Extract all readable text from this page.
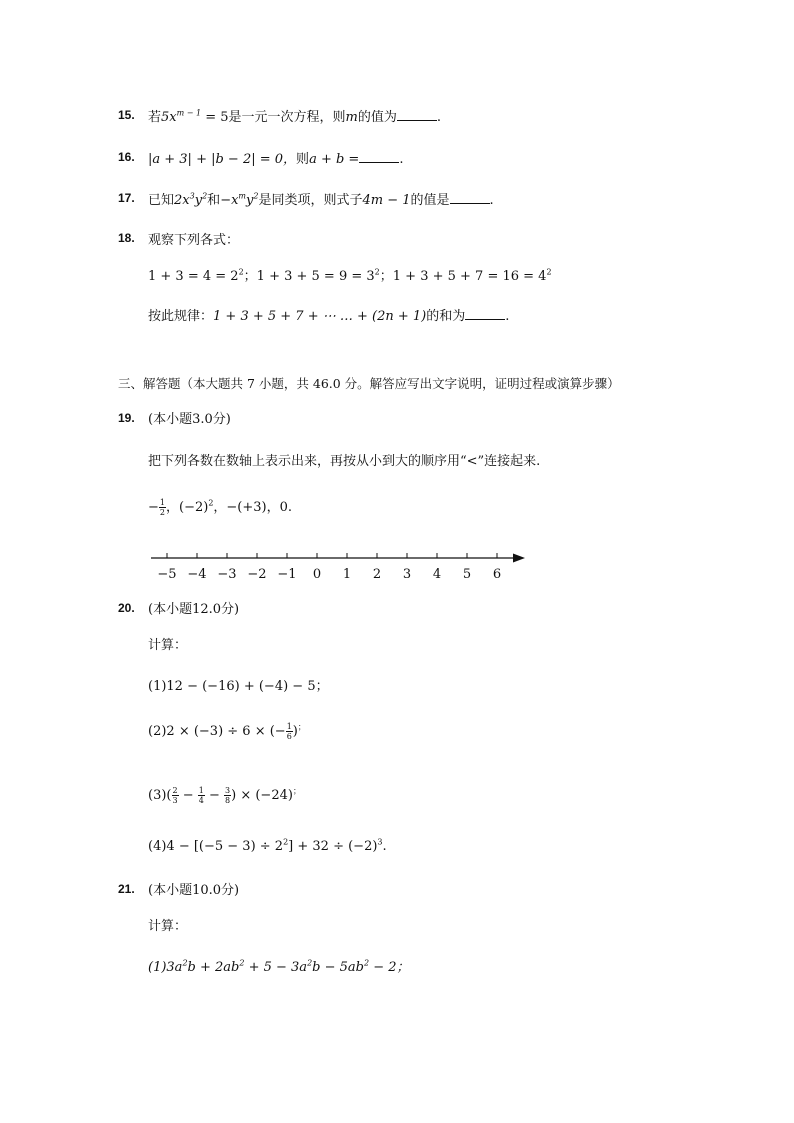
15. 若$5x^{m - 1} = 5$是一元一次方程，则m的值为	.
16. |a + 3| + |b − 2| = 0，则a + b =	.
17. 已知$2x^3y^2$和$-x^my^2$是同类项，则式子4m − 1的值是	.
18. 观察下列各式：
$1 + 3 = 4 = 2^2$；$1 + 3 + 5 = 9 = 3^2$；$1 + 3 + 5 + 7 = 16 = 4^2$
按此规律：1 + 3 + 5 + 7 + ⋯ … + (2n + 1)的和为	.
三、解答题（本大题共 7 小题，共 46.0 分。解答应写出文字说明，证明过程或演算步骤）
19. (本小题3.0分)
把下列各数在数轴上表示出来，再按从小到大的顺序用“<”连接起来.
− $\frac{1}{2}$ ，$(-2)^2$，−(+3)，0.
−5 −4 −3 −2 −1 0 1 2 3 4 5 6
20. (本小题12.0分)
计算：
(1)12 − (−16) + (−4) − 5；
(2)2 × (−3) ÷ 6 × (− $\frac{1}{6} )^;$
$(3)( \frac{2}{3} - \frac{1}{4} - \frac{3}{8}$ ) × (−24)；
$(4)4 - [(-5 - 3) \div 2^2] + 32 \div (-2)^3$.
21. (本小题10.0分)
计算：
$(1)3a^2b + 2ab^2 + 5 - 3a^2b - 5ab^2 - 2$；
